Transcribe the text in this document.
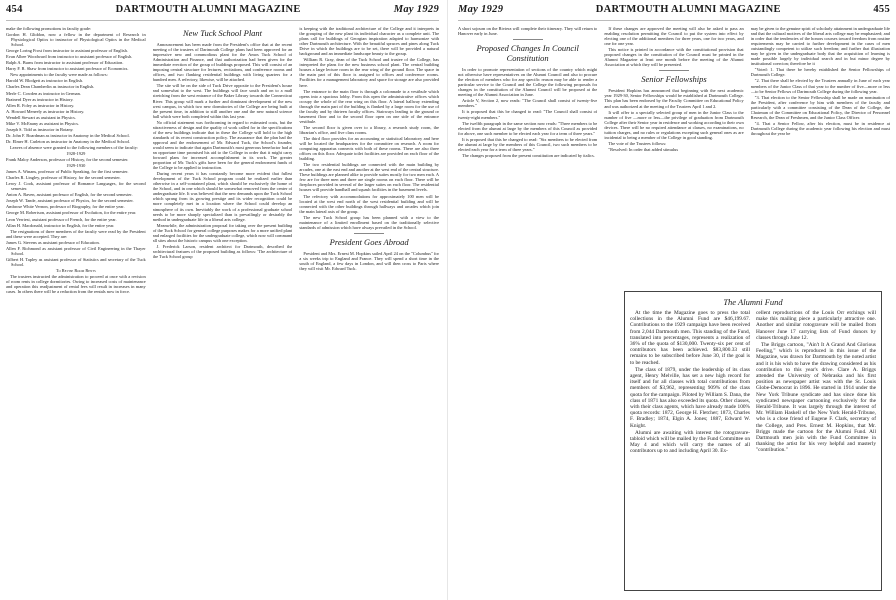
454	DARTMOUTH ALUMNI MAGAZINE	May 1929

make the following promotions in faculty grade:

Gordon H. Gliddon, now a fellow in the department of Research in Physiological Optics to instructor of Physiological Optics in the Medical School.

George Loring Frost from instructor to assistant professor of English.

Evan Albee Woodward from instructor to assistant professor of English.

Ralph A. Burns from instructor to assistant professor of Education.

Harry F. R. Shaw from instructor to assistant professor of Economics.

New appointments to the faculty were made as follows:

Harold W. Blodgett as instructor in English.

Charles Dean Chamberlin as instructor in English.

Merle C. Cowden as instructor in German.

Brainerd Dyer as instructor in History.

Allen R. Foley as instructor in History.

A. Howard Meneely as instructor in History.

Wendell Stewart as assistant in Physics.

Mike V. McEnany as assistant in Physics.

Joseph S. Tidd as instructor in Botany.

Dr. John F. Boardman as instructor in Anatomy in the Medical School.

Dr. Elmer H. Carleton as instructor in Anatomy in the Medical School.

Leaves of absence were granted to the following members of the faculty:

1928-1929

Frank Maloy Anderson, professor of History, for the second semester.

1929-1930

James A. Winans, professor of Public Speaking, for the first semester.

Charles R. Lingley, professor of History, for the second semester.

Leroy J. Cook, assistant professor of Romance Languages, for the second semester.

Anton A. Raven, assistant professor of English, for the second semester.

Joseph W. Tande, assistant professor of Physics, for the second semester.

Ambrose White Vernon, professor of Biography, for the entire year.

George M. Robertson, assistant professor of Evolution, for the entire year.

Leon Verriest, assistant professor of French, for the entire year.

Allan H. Macdonald, instructor in English, for the entire year.

The resignations of three members of the faculty were read by the President and these were accepted. They are:

James G. Stevens as assistant professor of Education.

Allen F. Richmond as assistant professor of Civil Engineering in the Thayer School.

Gilbert H. Tapley as assistant professor of Statistics and secretary of the Tuck School.

To Revise Room Rents

The trustees instructed the administration to proceed at once with a revision of room rents in college dormitories. Owing to increased costs of maintenance and operation this readjustment of rental fees will result in increases in many cases. In others there will be a reduction from the rentals now in force.

New Tuck School Plant

Announcement has been made from the President's office that at the recent meeting of the trustees of Dartmouth College plans had been approved for an impressive new and commodious plant for the Amos Tuck School of Administration and Finance, and that authorization had been given for the immediate erection of the group of buildings proposed. This will consist of an imposing central structure for lectures, recitations, and conference rooms and offices, and two flanking residential buildings with living quarters for a hundred men. A refectory, likewise, will be attached.

The site will be on the side of Tuck Drive opposite to the President's house and somewhat to the west. The buildings will face south and on to a mall stretching from the west entrance of the Baker Library towards the Connecticut River. This group will mark a further and dominant development of the new west campus, in which two new dormitories of the College are being built at the present time, in addition to still another one and the new natural science hall which were both completed within this last year.

No official statement was forthcoming in regard to estimated costs, but the attractiveness of design and the quality of work called for in the specifications of the new buildings indicate that in these the College will hold to the high standards of its recent construction policy. The assurance that the plan had the approval and the endorsement of Mr. Edward Tuck, the School's founder, would seem to indicate that again Dartmouth's most generous benefactor had at an opportune time promised his aid to the College in order that it might carry forward plans for increased accomplishment in its work. The greater proportion of Mr. Tuck's gifts have been for the general endowment funds of the College to be applied to instruction.

During recent years it has constantly become more evident that fullest development of the Tuck School program could be realized earlier than otherwise in a self-contained plant, which should be exclusively the home of the School, and in one which should be somewhat removed from the center of undergraduate life. It was believed that the new demands upon the Tuck School which sprang from its growing prestige and its wider recognition could be more completely met in a location where the School could develop an atmosphere of its own. Inevitably the work of a professional graduate school needs to be more sharply specialized than is prevailingly or desirably the method in undergraduate life in a liberal arts college.

Meanwhile, the administration proposal for taking over the present building of the Tuck School for general college purposes makes for a more unified plant and enlarged facilities for the undergraduate college, which now will command all sites about the historic campus with one exception.

J. Frederick Larson, resident architect for Dartmouth, described the architectural features of the proposed building as follows: 'The architecture of the Tuck School group

is keeping with the traditional architecture of the College and it interprets in the grouping of the new plant its individual character as a complete unit. The plans call for buildings of Georgian inspiration adapted to harmonize with other Dartmouth architecture. With the beautiful spruces and pines along Tuck Drive in which the buildings are to be set, there will be provided a natural background and an immediate landscape beauty to the group.

William R. Gray, dean of the Tuck School and trustee of the College, has interpreted the plans for the new business school plant. The central building houses a large lecture room in the rear wing of the ground floor. The space in the main part of this floor is assigned to offices and conference rooms. Facilities for a management laboratory and space for storage are also provided here.

The entrance to the main floor is through a colonnade to a vestibule which opens into a spacious lobby. From this open the administrative offices which occupy the whole of the rear wing on this floor. A lateral hallway extending through the main part of the building is flanked by a large room for the use of the faculty and by thirteen faculty offices. Stairways leading to the ground or basement floor and to the second floor open on one side of the entrance vestibule.

The second floor is given over to a library, a research study room, the librarian's office, and five class rooms.

The third floor provides for an accounting or statistical laboratory and here will be located the headquarters for the committee on research. A room for computing apparatus connects with both of these rooms. There are also three offices on this floor. Adequate toilet facilities are provided on each floor of the building.

The two residential buildings are connected with the main building by arcades, one at the east end and another at the west end of the central structure. These buildings are planned alike to provide suites mostly for two men each. A few are for three men and three are single rooms on each floor. There will be fireplaces provided in several of the larger suites on each floor. The residential houses will provide handball and squash facilities in the basement levels.

The refectory with accommodations for approximately 100 men will be located at the west end north of the west residential building and will be connected with the other buildings through hallways and arcades which join the main lateral axis of the group.

The new Tuck School group has been planned with a view to the maintenance of a limited enrollment based on the traditionally selective standards of admission which have always prevailed in the School.

President Goes Abroad

President and Mrs. Ernest M. Hopkins sailed April 24 on the "Columbus" for a six weeks trip to England and France. They will spend a short time in the south of England, a few days in London, and will then cross to Paris where they will visit Mr. Edward Tuck.

May 1929	DARTMOUTH ALUMNI MAGAZINE	455

A short sojourn on the Riviera will complete their itinerary. They will return to Hanover early in June.

Proposed Changes In Council Constitution

In order to promote representation of sections of the country which might not otherwise have representatives on the Alumni Council and also to procure the election of members who for any specific reason may be able to render a particular service to the Council and the College the following proposals for changes in the constitution of the Alumni Council will be proposed at the meeting of the Alumni Association in June.

Article V, Section 2, now reads: "The Council shall consist of twenty-five members."

It is proposed that this be changed to read: "The Council shall consist of twenty-eight members."

The twelfth paragraph in the same section now reads: "Three members to be elected from the alumni at large by the members of this Council as provided for above, one such member to be elected each year for a term of three years."

It is proposed that this be changed to read: "Six members to be elected from the alumni at large by the members of this Council, two such members to be elected each year for a term of three years."

The changes proposed from the present constitution are indicated by italics.

If these changes are approved the meeting will also be asked to pass an enabling resolution permitting the Council to put the system into effect by electing one of the additional members for three years, one for two years, and one for one year.

This notice is printed in accordance with the constitutional provision that proposed changes in the constitution of the Council must be printed in the Alumni Magazine at least one month before the meeting of the Alumni Association at which they will be presented.

Senior Fellowships

President Hopkins has announced that beginning with the next academic year 1929-30, Senior Fellowships would be established at Dartmouth College. This plan has been endorsed by the Faculty Committee on Educational Policy and was authorized at the meeting of the Trustees April 1 and 2.

It will offer to a specially selected group of men in the Junior Class to the number of five —more or less—the privilege of graduation from Dartmouth College after their Senior year in residence and working according to their own devices. There will be no required attendance at classes, no examinations, no tuition charges, and no rules or regulations excepting such general ones as are incidental to being a member of the College in good standing.

The vote of the Trustees follows:

"Resolved: In order that added stimulus

may be given to the genuine spirit of scholarly attainment in undergraduate life and that the cultural motives of the liberal arts college may be emphasized; and in order that the tendencies of the honors courses toward freedom from routine requirements may be carried to further development in the cases of men outstandingly competent to utilize such freedom; and further that illustration may be given in the undergraduate body that the acquisition of learning is made possible largely by individual search and in but minor degree by institutional coercion; therefore be it

"Voted: 1. That there be hereby established the Senior Fellowships of Dartmouth College.

"2. That there shall be elected by the Trustees annually in June of each year members of the Junior Class of that year to the number of five—more or less—to be Senior Fellows of Dartmouth College during the following year.

"3. That election to the Senior Fellowship shall be made on nomination of the President, after conference by him with members of the faculty and particularly with a committee consisting of the Dean of the College, the Chairman of the Committee on Educational Policy, the Director of Personnel Research, the Dean of Freshmen, and the Junior Class Officer.

"4. That a Senior Fellow, after his election, must be in residence at Dartmouth College during the academic year following his election and must throughout the year be

The Alumni Fund

At the time the Magazine goes to press the total collections in the Alumni Fund are $46,199.67. Contributions to the 1929 campaign have been received from 2,044 Dartmouth men. This standing of the Fund, translated into percentages, represents a realization of 36% of the quota of $130,000. Twenty-six per cent of contributors has been achieved. $83,800.33 still remains to be subscribed before June 30, if the goal is to be reached.

The class of 1879, under the leadership of its class agent, Henry Melville, has set a new high record for itself and for all classes with total contributions from members of $3,962, representing 909% of the class quota for the campaign. Piloted by William S. Dana, the class of 1871 has also exceeded its quota. Other classes, with their class agents, which have already made 100% quota records: 1872, George H. Fletcher; 1873, Charles F. Bradley; 1874, Elgin A. Jones; 1887, Edward W. Knight.

Alumni are awaiting with interest the rotogravure-tabloid which will be mailed by the Fund Committee on May 4 and which will carry the names of all contributors up to and including April 30. Ex-

cellent reproductions of the Louis Orr etchings will make this mailing piece a particularly attractive one. Another and similar rotogravure will be mailed from Hanover June 17 carrying lists of Fund donors by classes through June 12.

The Briggs cartoon, "Ain't It A Grand And Glorious Feeling," which is reproduced in this issue of the Magazine, was drawn for Dartmouth by the noted artist and it is his wish to have the drawing considered as his contribution to this year's drive. Clare A. Briggs attended the University of Nebraska and his first position as newspaper artist was with the St. Louis Globe-Democrat in 1896. He started in 1914 under the New York Tribune syndicate and has since done his syndicated newspaper cartooning exclusively for the Herald-Tribune. It was largely through the interest of Mr. William Haskell of the New York Herald-Tribune, who is a close friend of Eugene F. Clark, secretary of the College, and Pres. Ernest M. Hopkins, that Mr. Briggs made the cartoon for the Alumni Fund. All Dartmouth men join with the Fund Committee in thanking the artist for his very helpful and masterly "contribution."
